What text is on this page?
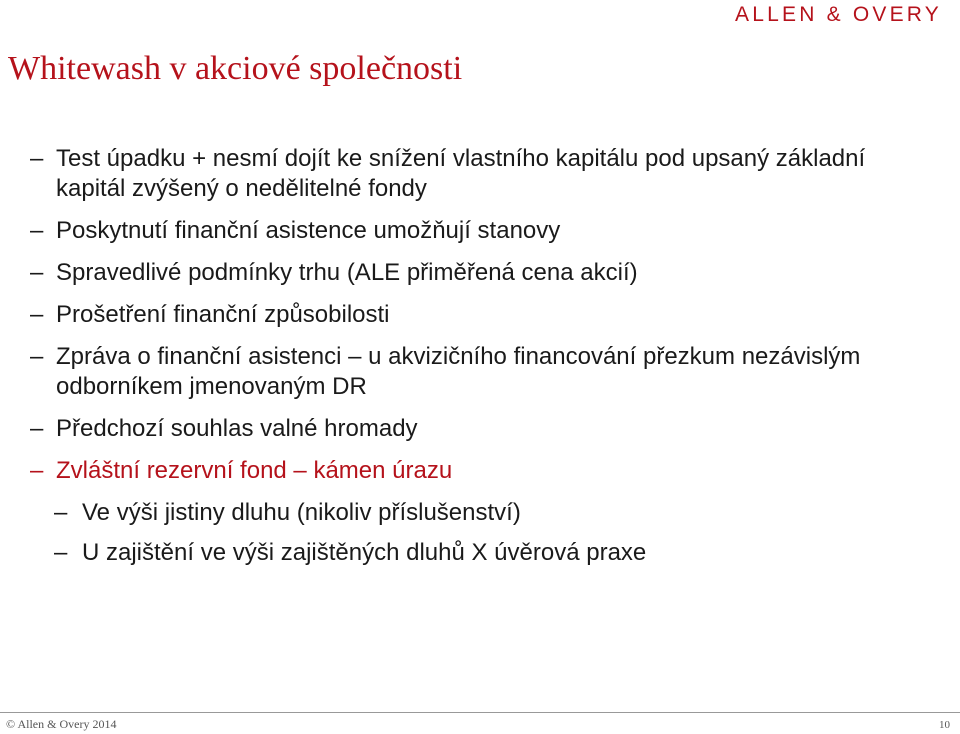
ALLEN & OVERY
Whitewash v akciové společnosti
– Test úpadku + nesmí dojít ke snížení vlastního kapitálu pod upsaný základní kapitál zvýšený o nedělitelné fondy
– Poskytnutí finanční asistence umožňují stanovy
– Spravedlivé podmínky trhu (ALE přiměřená cena akcií)
– Prošetření finanční způsobilosti
– Zpráva o finanční asistenci – u akvizičního financování přezkum nezávislým odborníkem jmenovaným DR
– Předchozí souhlas valné hromady
– Zvláštní rezervní fond – kámen úrazu
– Ve výši jistiny dluhu (nikoliv příslušenství)
– U zajištění ve výši zajištěných dluhů X úvěrová praxe
© Allen & Overy 2014	10
